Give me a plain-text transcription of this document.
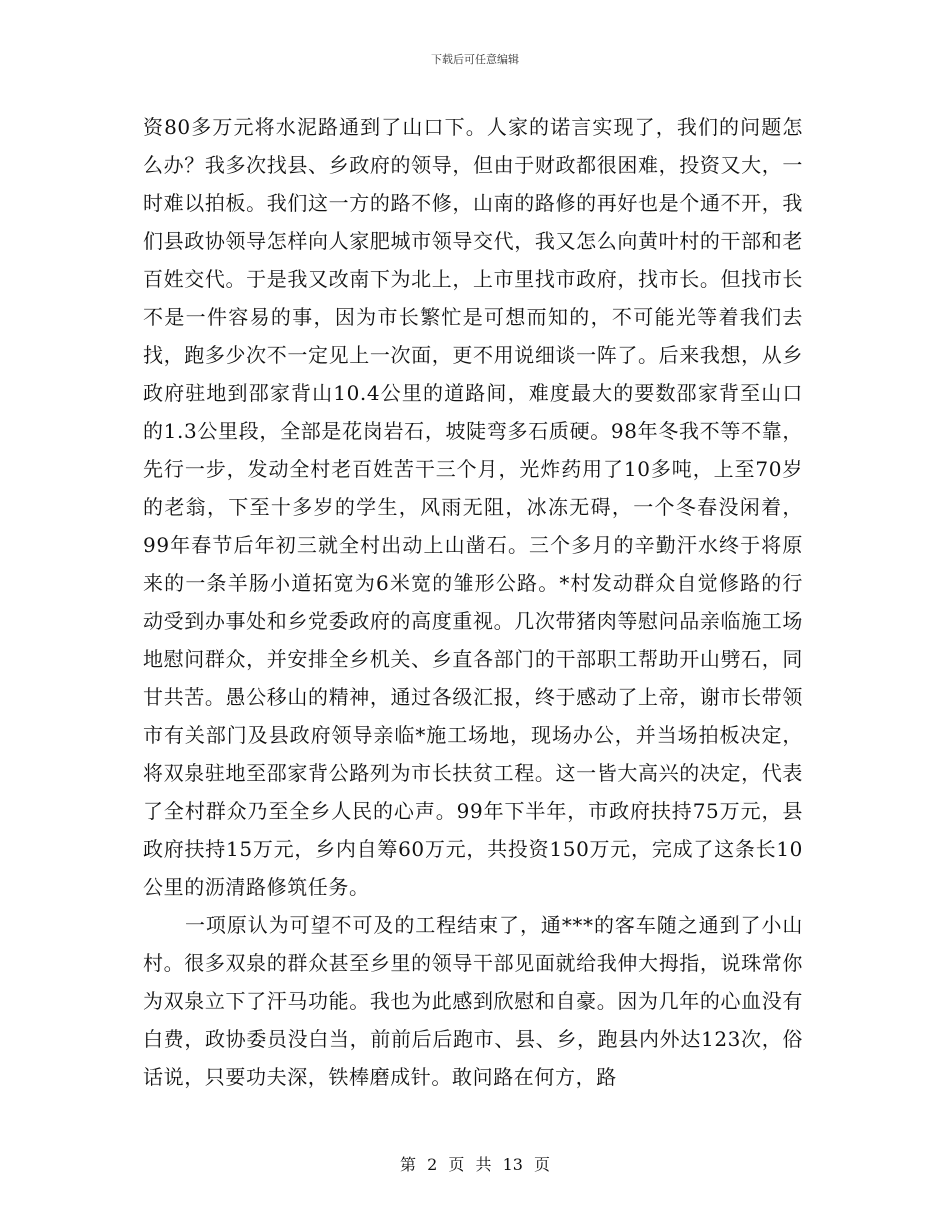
下载后可任意编辑

资80多万元将水泥路通到了山口下。人家的诺言实现了，我们的问题怎么办？我多次找县、乡政府的领导，但由于财政都很困难，投资又大，一时难以拍板。我们这一方的路不修，山南的路修的再好也是个通不开，我们县政协领导怎样向人家肥城市领导交代，我又怎么向黄叶村的干部和老百姓交代。于是我又改南下为北上，上市里找市政府，找市长。但找市长不是一件容易的事，因为市长繁忙是可想而知的，不可能光等着我们去找，跑多少次不一定见上一次面，更不用说细谈一阵了。后来我想，从乡政府驻地到邵家背山10.4公里的道路间，难度最大的要数邵家背至山口的1.3公里段，全部是花岗岩石，坡陡弯多石质硬。98年冬我不等不靠，先行一步，发动全村老百姓苦干三个月，光炸药用了10多吨，上至70岁的老翁，下至十多岁的学生，风雨无阻，冰冻无碍，一个冬春没闲着，99年春节后年初三就全村出动上山凿石。三个多月的辛勤汗水终于将原来的一条羊肠小道拓宽为6米宽的雏形公路。*村发动群众自觉修路的行动受到办事处和乡党委政府的高度重视。几次带猪肉等慰问品亲临施工场地慰问群众，并安排全乡机关、乡直各部门的干部职工帮助开山劈石，同甘共苦。愚公移山的精神，通过各级汇报，终于感动了上帝，谢市长带领市有关部门及县政府领导亲临*施工场地，现场办公，并当场拍板决定，将双泉驻地至邵家背公路列为市长扶贫工程。这一皆大高兴的决定，代表了全村群众乃至全乡人民的心声。99年下半年，市政府扶持75万元，县政府扶持15万元，乡内自筹60万元，共投资150万元，完成了这条长10公里的沥清路修筑任务。

一项原认为可望不可及的工程结束了，通***的客车随之通到了小山村。很多双泉的群众甚至乡里的领导干部见面就给我伸大拇指，说珠常你为双泉立下了汗马功能。我也为此感到欣慰和自豪。因为几年的心血没有白费，政协委员没白当，前前后后跑市、县、乡，跑县内外达123次，俗话说，只要功夫深，铁棒磨成针。敢问路在何方，路

第 2 页 共 13 页
